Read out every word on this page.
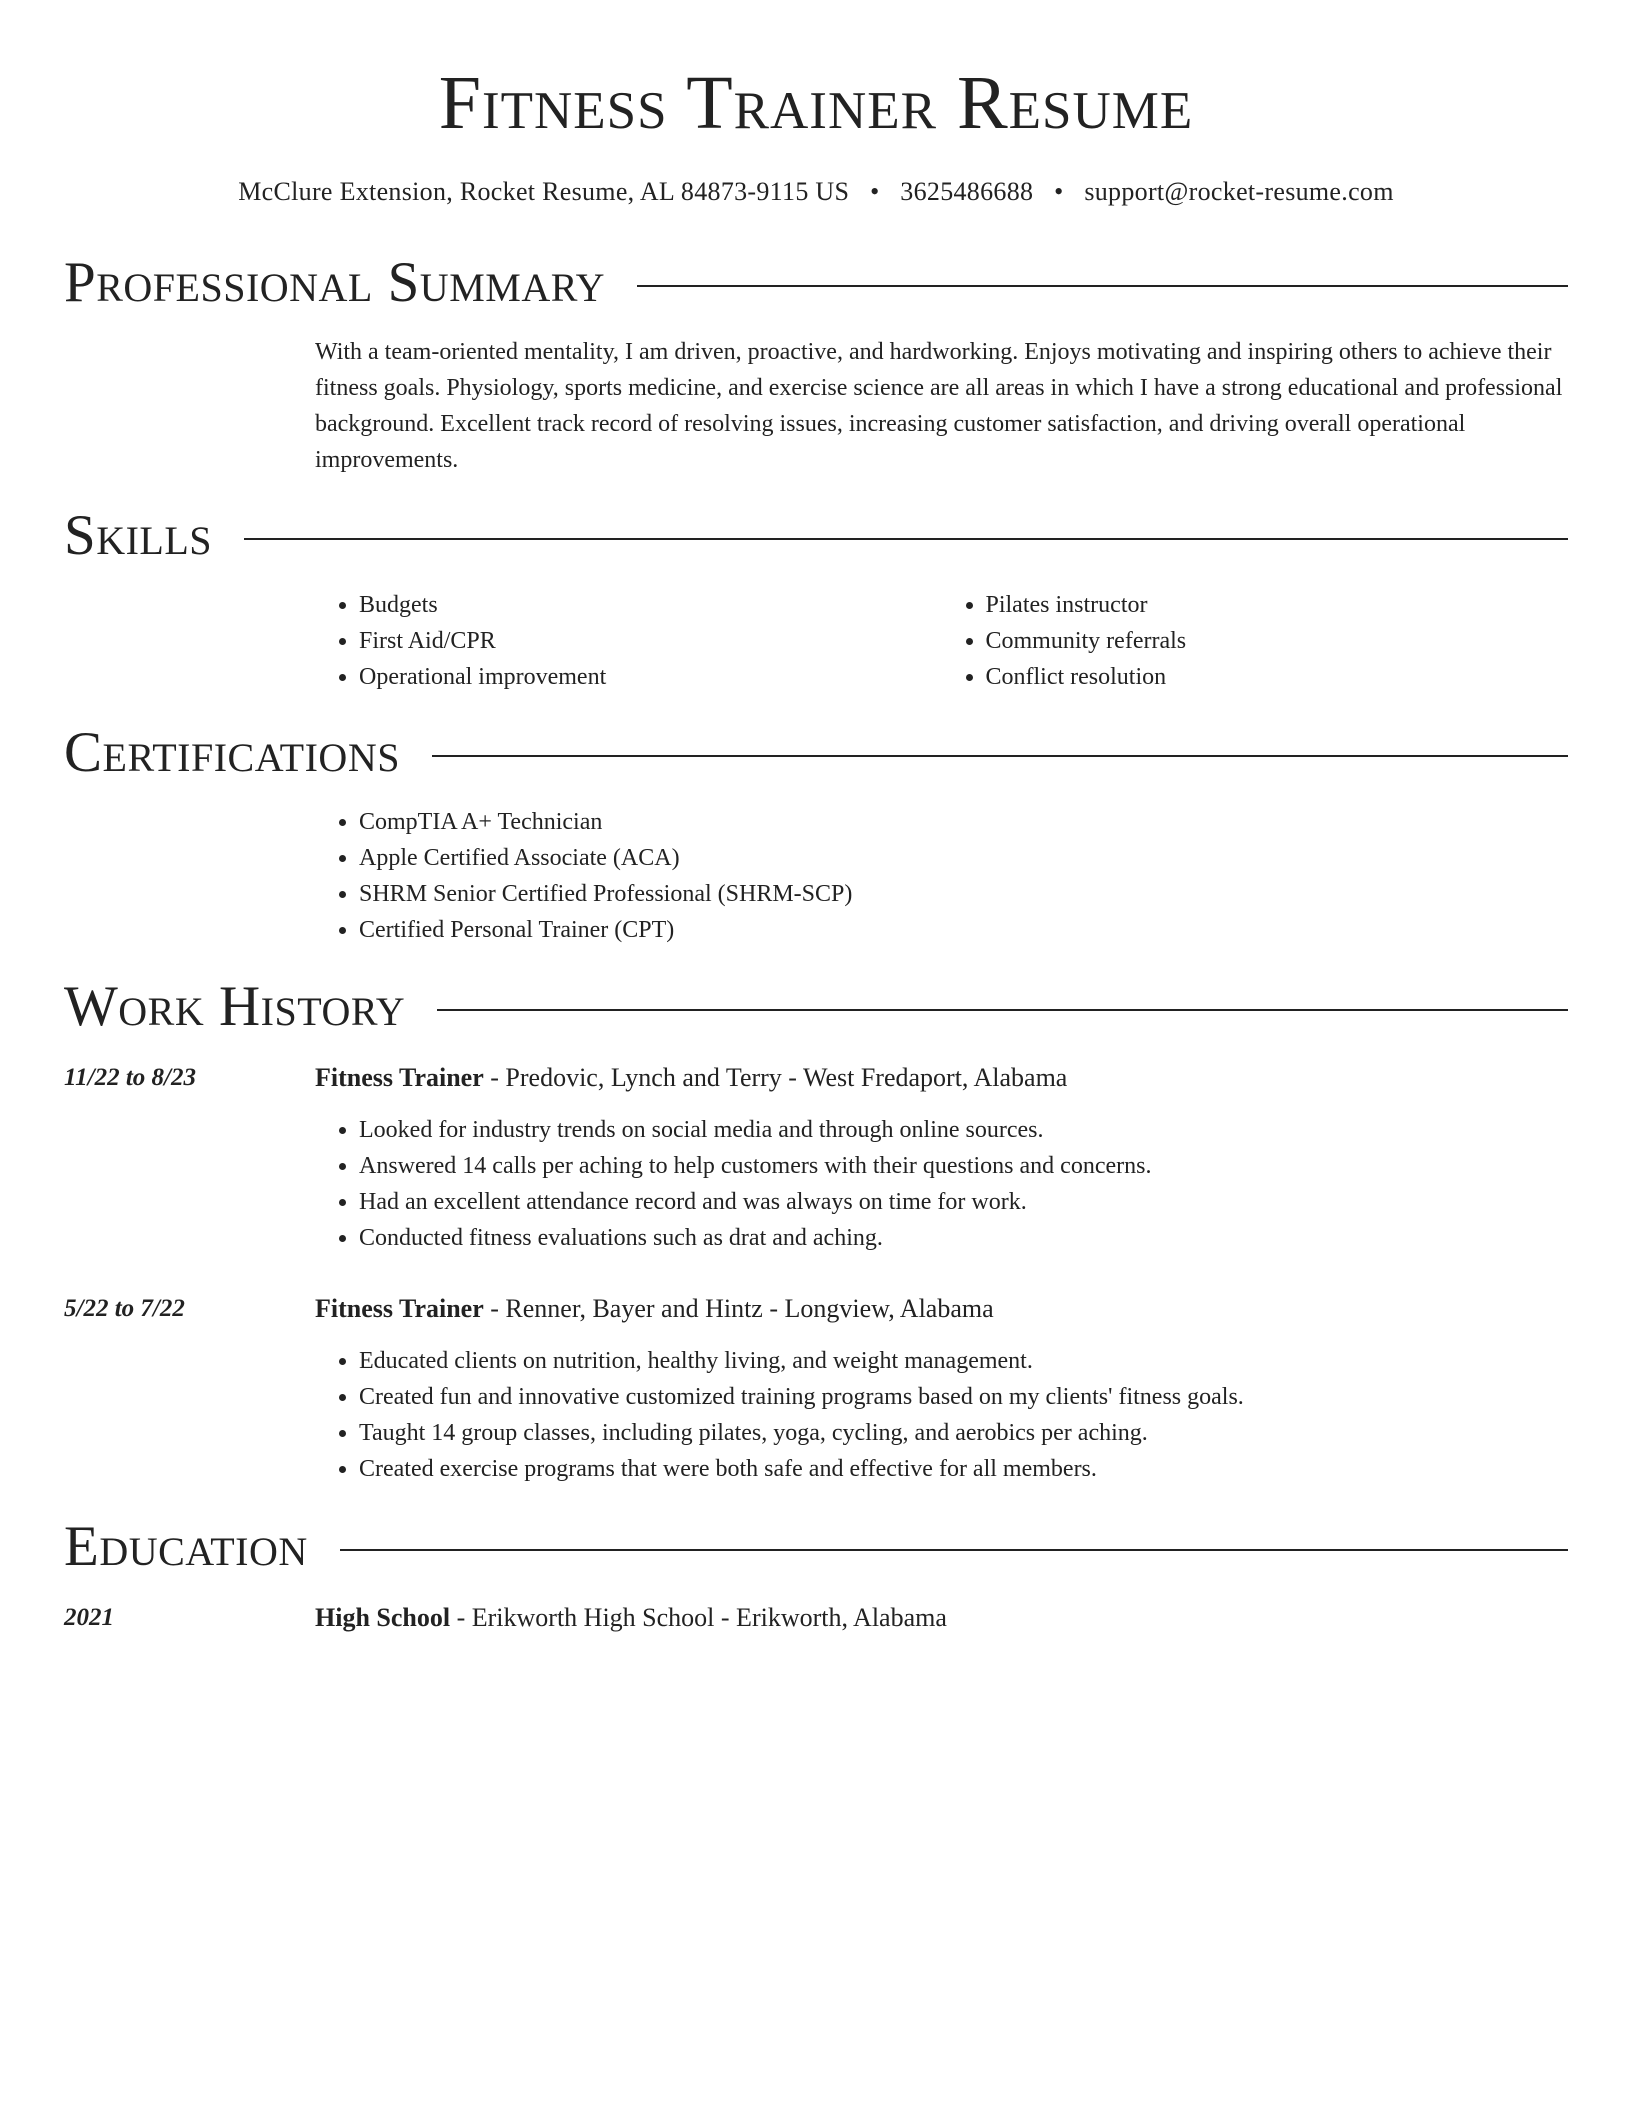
Fitness Trainer Resume
McClure Extension, Rocket Resume, AL 84873-9115 US • 3625486688 • support@rocket-resume.com
Professional Summary

With a team-oriented mentality, I am driven, proactive, and hardworking. Enjoys motivating and inspiring others to achieve their fitness goals. Physiology, sports medicine, and exercise science are all areas in which I have a strong educational and professional background. Excellent track record of resolving issues, increasing customer satisfaction, and driving overall operational improvements.

Skills
• Budgets
• First Aid/CPR
• Operational improvement
• Pilates instructor
• Community referrals
• Conflict resolution
Certifications
• CompTIA A+ Technician
• Apple Certified Associate (ACA)
• SHRM Senior Certified Professional (SHRM-SCP)
• Certified Personal Trainer (CPT)
Work History
11/22 to 8/23	Fitness Trainer - Predovic, Lynch and Terry - West Fredaport, Alabama
• Looked for industry trends on social media and through online sources.
• Answered 14 calls per aching to help customers with their questions and concerns.
• Had an excellent attendance record and was always on time for work.
• Conducted fitness evaluations such as drat and aching.
5/22 to 7/22	Fitness Trainer - Renner, Bayer and Hintz - Longview, Alabama
• Educated clients on nutrition, healthy living, and weight management.
• Created fun and innovative customized training programs based on my clients' fitness goals.
• Taught 14 group classes, including pilates, yoga, cycling, and aerobics per aching.
• Created exercise programs that were both safe and effective for all members.
Education
2021	High School - Erikworth High School - Erikworth, Alabama
